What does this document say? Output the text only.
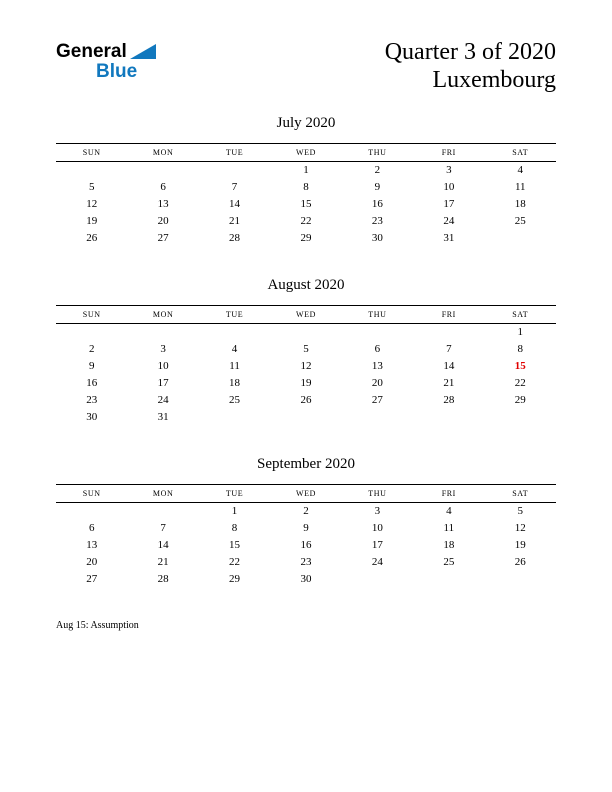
General
Blue
Quarter 3 of 2020
Luxembourg
July 2020
SUN	MON	TUE	WED	THU	FRI	SAT
			1	2	3	4
5	6	7	8	9	10	11
12	13	14	15	16	17	18
19	20	21	22	23	24	25
26	27	28	29	30	31	
August 2020
SUN	MON	TUE	WED	THU	FRI	SAT
						1
2	3	4	5	6	7	8
9	10	11	12	13	14	15
16	17	18	19	20	21	22
23	24	25	26	27	28	29
30	31					
September 2020
SUN	MON	TUE	WED	THU	FRI	SAT
		1	2	3	4	5
6	7	8	9	10	11	12
13	14	15	16	17	18	19
20	21	22	23	24	25	26
27	28	29	30			
Aug 15: Assumption
